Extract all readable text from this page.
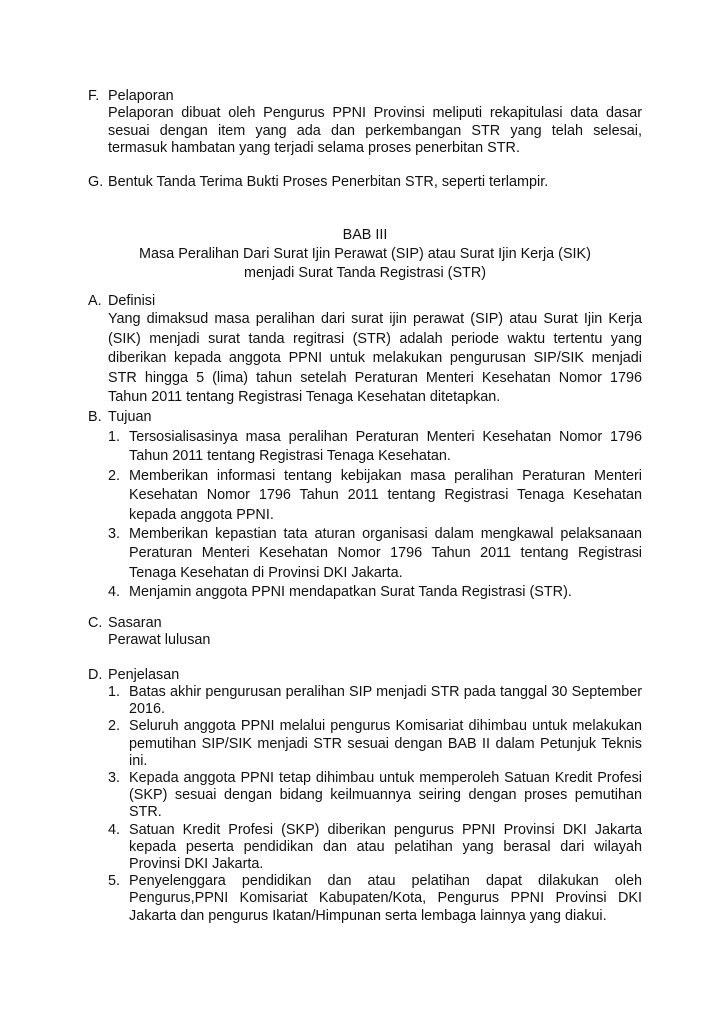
F. Pelaporan
Pelaporan dibuat oleh Pengurus PPNI Provinsi meliputi rekapitulasi data dasar sesuai dengan item yang ada dan perkembangan STR yang telah selesai, termasuk hambatan yang terjadi selama proses penerbitan STR.
G. Bentuk Tanda Terima Bukti Proses Penerbitan STR, seperti terlampir.
BAB III
Masa Peralihan Dari Surat Ijin Perawat (SIP) atau Surat Ijin Kerja (SIK)
menjadi Surat Tanda Registrasi (STR)
A. Definisi
Yang dimaksud masa peralihan dari surat ijin perawat (SIP) atau Surat Ijin Kerja (SIK) menjadi surat tanda regitrasi (STR) adalah periode waktu tertentu yang diberikan kepada anggota PPNI untuk melakukan pengurusan SIP/SIK menjadi STR hingga 5 (lima) tahun setelah Peraturan Menteri Kesehatan Nomor 1796 Tahun 2011 tentang Registrasi Tenaga Kesehatan ditetapkan.
B. Tujuan
1. Tersosialisasinya masa peralihan Peraturan Menteri Kesehatan Nomor 1796 Tahun 2011 tentang Registrasi Tenaga Kesehatan.
2. Memberikan informasi tentang kebijakan masa peralihan Peraturan Menteri Kesehatan Nomor 1796 Tahun 2011 tentang Registrasi Tenaga Kesehatan kepada anggota PPNI.
3. Memberikan kepastian tata aturan organisasi dalam mengkawal pelaksanaan Peraturan Menteri Kesehatan Nomor 1796 Tahun 2011 tentang Registrasi Tenaga Kesehatan di Provinsi DKI Jakarta.
4. Menjamin anggota PPNI mendapatkan Surat Tanda Registrasi (STR).
C. Sasaran
Perawat lulusan
D. Penjelasan
1. Batas akhir pengurusan peralihan SIP menjadi STR pada tanggal 30 September 2016.
2. Seluruh anggota PPNI melalui pengurus Komisariat dihimbau untuk melakukan pemutihan SIP/SIK menjadi STR sesuai dengan BAB II dalam Petunjuk Teknis ini.
3. Kepada anggota PPNI tetap dihimbau untuk memperoleh Satuan Kredit Profesi (SKP) sesuai dengan bidang keilmuannya seiring dengan proses pemutihan STR.
4. Satuan Kredit Profesi (SKP) diberikan pengurus PPNI Provinsi DKI Jakarta kepada peserta pendidikan dan atau pelatihan yang berasal dari wilayah Provinsi DKI Jakarta.
5. Penyelenggara pendidikan dan atau pelatihan dapat dilakukan oleh Pengurus,PPNI Komisariat Kabupaten/Kota, Pengurus PPNI Provinsi DKI Jakarta dan pengurus Ikatan/Himpunan serta lembaga lainnya yang diakui.
